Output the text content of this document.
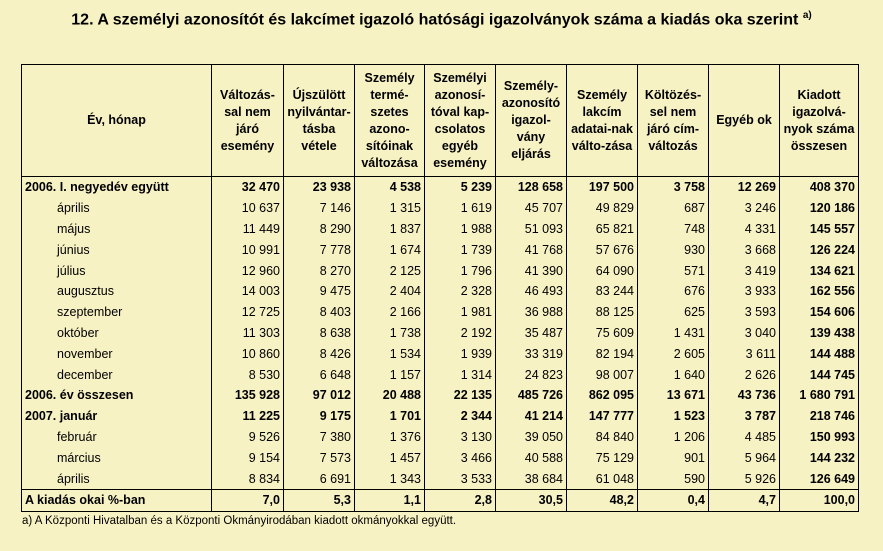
12. A személyi azonosítót és lakcímet igazoló hatósági igazolványok száma a kiadás oka szerint $^{a)}$
Év, hónap	Változás-sal nem járó esemény	Újszülött nyilvántar-tásba vétele	Személy termé-szetes azono-sítóinak változása	Személyi azonosí-tóval kap-csolatos egyéb esemény	Személy-azonosító igazol-vány eljárás	Személy lakcím adatai-nak válto-zása	Költözés-sel nem járó cím-változás	Egyéb ok	Kiadott igazolvá-nyok száma összesen
2006. I. negyedév együtt	32 470	23 938	4 538	5 239	128 658	197 500	3 758	12 269	408 370
április	10 637	7 146	1 315	1 619	45 707	49 829	687	3 246	120 186
május	11 449	8 290	1 837	1 988	51 093	65 821	748	4 331	145 557
június	10 991	7 778	1 674	1 739	41 768	57 676	930	3 668	126 224
július	12 960	8 270	2 125	1 796	41 390	64 090	571	3 419	134 621
augusztus	14 003	9 475	2 404	2 328	46 493	83 244	676	3 933	162 556
szeptember	12 725	8 403	2 166	1 981	36 988	88 125	625	3 593	154 606
október	11 303	8 638	1 738	2 192	35 487	75 609	1 431	3 040	139 438
november	10 860	8 426	1 534	1 939	33 319	82 194	2 605	3 611	144 488
december	8 530	6 648	1 157	1 314	24 823	98 007	1 640	2 626	144 745
2006. év összesen	135 928	97 012	20 488	22 135	485 726	862 095	13 671	43 736	1 680 791
2007. január	11 225	9 175	1 701	2 344	41 214	147 777	1 523	3 787	218 746
február	9 526	7 380	1 376	3 130	39 050	84 840	1 206	4 485	150 993
március	9 154	7 573	1 457	3 466	40 588	75 129	901	5 964	144 232
április	8 834	6 691	1 343	3 533	38 684	61 048	590	5 926	126 649
A kiadás okai %-ban	7,0	5,3	1,1	2,8	30,5	48,2	0,4	4,7	100,0
a) A Központi Hivatalban és a Központi Okmányirodában kiadott okmányokkal együtt.
